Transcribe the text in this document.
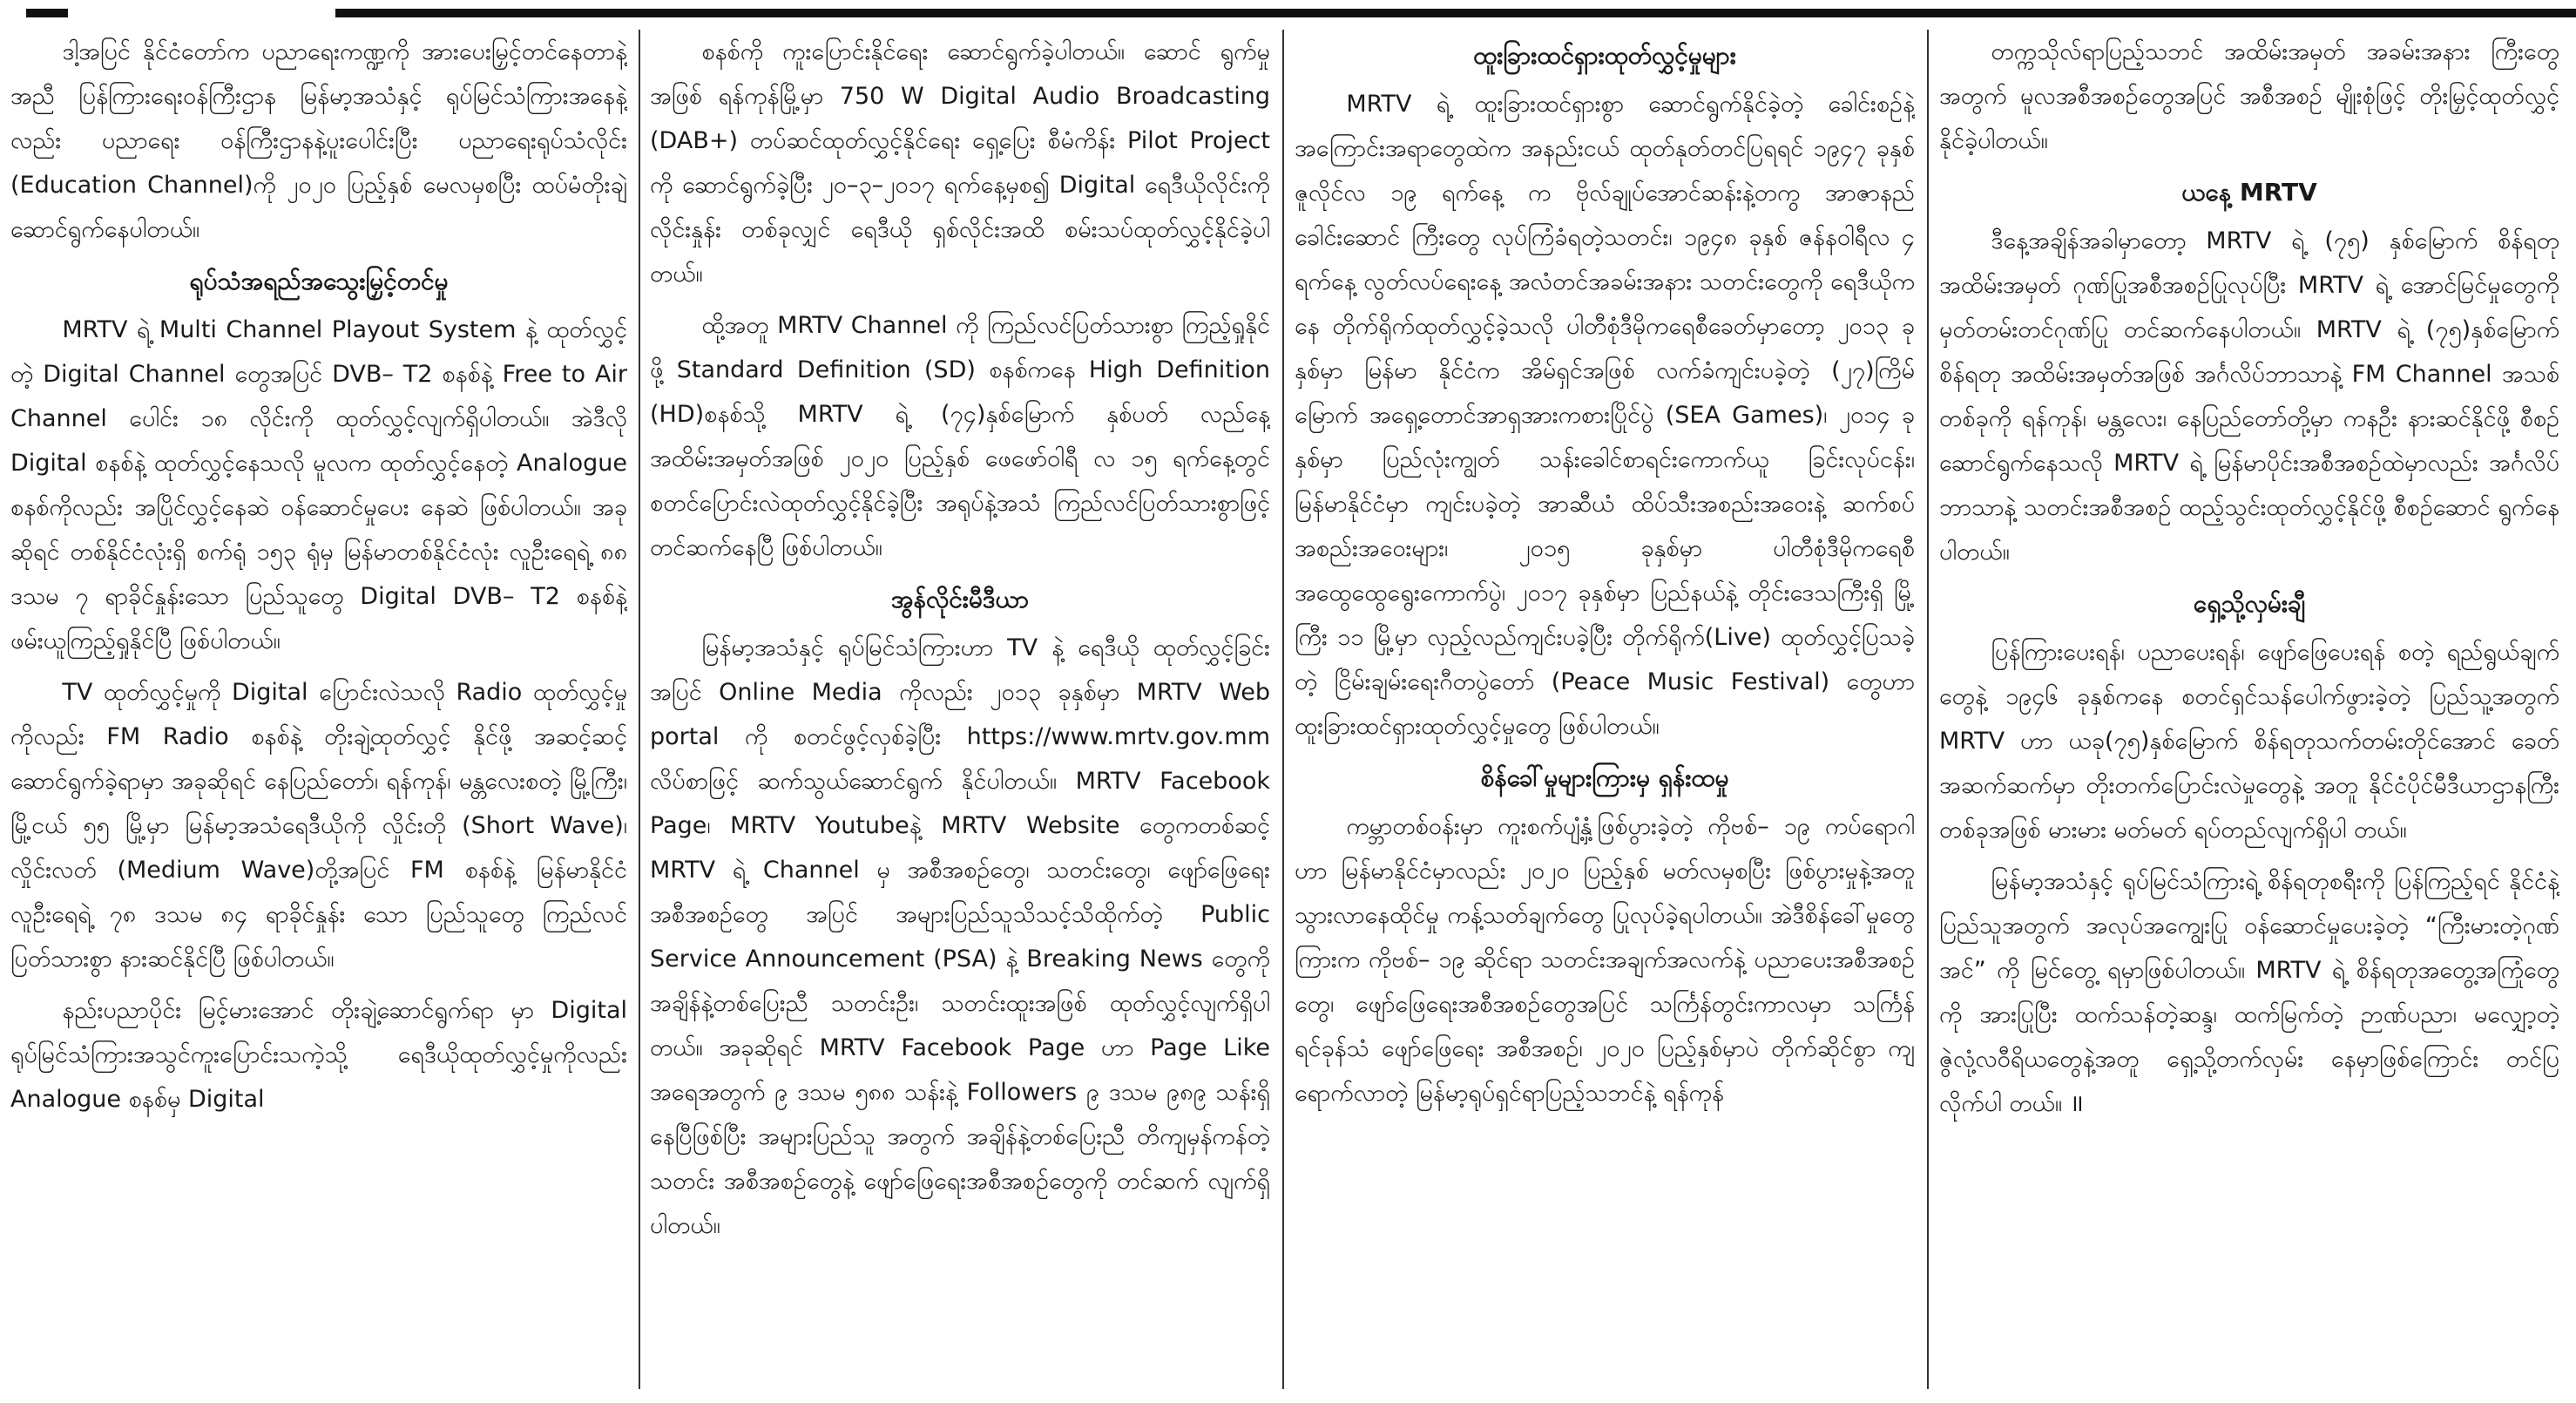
ဒါ့အပြင် နိုင်ငံတော်က ပညာရေးကဏ္ဍကို အားပေးမြှင့်တင်နေတာနဲ့အညီ ပြန်ကြားရေးဝန်ကြီးဌာန မြန်မာ့အသံနှင့် ရုပ်မြင်သံကြားအနေနဲ့လည်း ပညာရေး ဝန်ကြီးဌာနနဲ့ပူးပေါင်းပြီး ပညာရေးရုပ်သံလိုင်း (Education Channel)ကို ၂၀၂၀ ပြည့်နှစ် မေလမှစပြီး ထပ်မံတိုးချဲ့ ဆောင်ရွက်နေပါတယ်။

ရုပ်သံအရည်အသွေးမြှင့်တင်မှု

MRTV ရဲ့ Multi Channel Playout System နဲ့ ထုတ်လွှင့်တဲ့ Digital Channel တွေအပြင် DVB– T2 စနစ်နဲ့ Free to Air Channel ပေါင်း ၁၈ လိုင်းကို ထုတ်လွှင့်လျက်ရှိပါတယ်။ အဲဒီလို Digital စနစ်နဲ့ ထုတ်လွှင့်နေသလို မူလက ထုတ်လွှင့်နေတဲ့ Analogue စနစ်ကိုလည်း အပြိုင်လွှင့်နေဆဲ ဝန်ဆောင်မှုပေး နေဆဲ ဖြစ်ပါတယ်။ အခုဆိုရင် တစ်နိုင်ငံလုံးရှိ စက်ရုံ ၁၅၃ ရုံမှ မြန်မာတစ်နိုင်ငံလုံး လူဦးရေရဲ့ ၈၈ ဒသမ ၇ ရာခိုင်နှုန်းသော ပြည်သူတွေ Digital DVB– T2 စနစ်နဲ့ ဖမ်းယူကြည့်ရှုနိုင်ပြီ ဖြစ်ပါတယ်။

TV ထုတ်လွှင့်မှုကို Digital ပြောင်းလဲသလို Radio ထုတ်လွှင့်မှုကိုလည်း FM Radio စနစ်နဲ့ တိုးချဲ့ထုတ်လွှင့် နိုင်ဖို့ အဆင့်ဆင့်ဆောင်ရွက်ခဲ့ရာမှာ အခုဆိုရင် နေပြည်တော်၊ ရန်ကုန်၊ မန္တလေးစတဲ့ မြို့ကြီး၊ မြို့ငယ် ၅၅ မြို့မှာ မြန်မာ့အသံရေဒီယိုကို လှိုင်းတို (Short Wave)၊ လှိုင်းလတ် (Medium Wave)တို့အပြင် FM စနစ်နဲ့ မြန်မာနိုင်ငံလူဦးရေရဲ့ ၇၈ ဒသမ ၈၄ ရာခိုင်နှုန်း သော ပြည်သူတွေ ကြည်လင်ပြတ်သားစွာ နားဆင်နိုင်ပြီ ဖြစ်ပါတယ်။

နည်းပညာပိုင်း မြင့်မားအောင် တိုးချဲ့ဆောင်ရွက်ရာ မှာ Digital ရုပ်မြင်သံကြားအသွင်ကူးပြောင်းသကဲ့သို့ ရေဒီယိုထုတ်လွှင့်မှုကိုလည်း Analogue စနစ်မှ Digital

စနစ်ကို ကူးပြောင်းနိုင်ရေး ဆောင်ရွက်ခဲ့ပါတယ်။ ဆောင် ရွက်မှုအဖြစ် ရန်ကုန်မြို့မှာ 750 W Digital Audio Broadcasting (DAB+) တပ်ဆင်ထုတ်လွှင့်နိုင်ရေး ရှေ့ပြေး စီမံကိန်း Pilot Project ကို ဆောင်ရွက်ခဲ့ပြီး ၂၀–၃–၂၀၁၇ ရက်နေ့မှစ၍ Digital ရေဒီယိုလိုင်းကို လိုင်းနှုန်း တစ်ခုလျှင် ရေဒီယို ရှစ်လိုင်းအထိ စမ်းသပ်ထုတ်လွှင့်နိုင်ခဲ့ပါတယ်။

ထို့အတူ MRTV Channel ကို ကြည်လင်ပြတ်သားစွာ ကြည့်ရှုနိုင်ဖို့ Standard Definition (SD) စနစ်ကနေ High Definition (HD)စနစ်သို့ MRTV ရဲ့ (၇၄)နှစ်မြောက် နှစ်ပတ် လည်နေ့ အထိမ်းအမှတ်အဖြစ် ၂၀၂၀ ပြည့်နှစ် ဖေဖော်ဝါရီ လ ၁၅ ရက်နေ့တွင် စတင်ပြောင်းလဲထုတ်လွှင့်နိုင်ခဲ့ပြီး အရုပ်နဲ့အသံ ကြည်လင်ပြတ်သားစွာဖြင့် တင်ဆက်နေပြီ ဖြစ်ပါတယ်။

အွန်လိုင်းမီဒီယာ

မြန်မာ့အသံနှင့် ရုပ်မြင်သံကြားဟာ TV နဲ့ ရေဒီယို ထုတ်လွှင့်ခြင်းအပြင် Online Media ကိုလည်း ၂၀၁၃ ခုနှစ်မှာ MRTV Web portal ကို စတင်ဖွင့်လှစ်ခဲ့ပြီး https://www.mrtv.gov.mm လိပ်စာဖြင့် ဆက်သွယ်ဆောင်ရွက် နိုင်ပါတယ်။ MRTV Facebook Page၊ MRTV Youtubeနဲ့ MRTV Website တွေကတစ်ဆင့် MRTV ရဲ့ Channel မှ အစီအစဉ်တွေ၊ သတင်းတွေ၊ ဖျော်ဖြေရေး အစီအစဉ်တွေ အပြင် အများပြည်သူသိသင့်သိထိုက်တဲ့ Public Service Announcement (PSA) နဲ့ Breaking News တွေကို အချိန်နဲ့တစ်ပြေးညီ သတင်းဦး၊ သတင်းထူးအဖြစ် ထုတ်လွှင့်လျက်ရှိပါတယ်။ အခုဆိုရင် MRTV Facebook Page ဟာ Page Like အရေအတွက် ၉ ဒသမ ၅၈၈ သန်းနဲ့ Followers ၉ ဒသမ ၉၈၉ သန်းရှိနေပြီဖြစ်ပြီး အများပြည်သူ အတွက် အချိန်နဲ့တစ်ပြေးညီ တိကျမှန်ကန်တဲ့ သတင်း အစီအစဉ်တွေနဲ့ ဖျော်ဖြေရေးအစီအစဉ်တွေကို တင်ဆက် လျက်ရှိပါတယ်။

ထူးခြားထင်ရှားထုတ်လွှင့်မှုများ

MRTV ရဲ့ ထူးခြားထင်ရှားစွာ ဆောင်ရွက်နိုင်ခဲ့တဲ့ ခေါင်းစဉ်နဲ့ အကြောင်းအရာတွေထဲက အနည်းငယ် ထုတ်နုတ်တင်ပြရရင် ၁၉၄၇ ခုနှစ် ဇူလိုင်လ ၁၉ ရက်နေ့ က ဗိုလ်ချုပ်အောင်ဆန်းနဲ့တကွ အာဇာနည်ခေါင်းဆောင် ကြီးတွေ လုပ်ကြံခံရတဲ့သတင်း၊ ၁၉၄၈ ခုနှစ် ဇန်နဝါရီလ ၄ ရက်နေ့ လွတ်လပ်ရေးနေ့ အလံတင်အခမ်းအနား သတင်းတွေကို ရေဒီယိုကနေ တိုက်ရိုက်ထုတ်လွှင့်ခဲ့သလို ပါတီစုံဒီမိုကရေစီခေတ်မှာတော့ ၂၀၁၃ ခုနှစ်မှာ မြန်မာ နိုင်ငံက အိမ်ရှင်အဖြစ် လက်ခံကျင်းပခဲ့တဲ့ (၂၇)ကြိမ် မြောက် အရှေ့တောင်အာရှအားကစားပြိုင်ပွဲ (SEA Games)၊ ၂၀၁၄ ခုနှစ်မှာ ပြည်လုံးကျွတ် သန်းခေါင်စာရင်းကောက်ယူ ခြင်းလုပ်ငန်း၊ မြန်မာနိုင်ငံမှာ ကျင်းပခဲ့တဲ့ အာဆီယံ ထိပ်သီးအစည်းအဝေးနဲ့ ဆက်စပ်အစည်းအဝေးများ၊ ၂၀၁၅ ခုနှစ်မှာ ပါတီစုံဒီမိုကရေစီ အထွေထွေရွေးကောက်ပွဲ၊ ၂၀၁၇ ခုနှစ်မှာ ပြည်နယ်နဲ့ တိုင်းဒေသကြီးရှိ မြို့ကြီး ၁၁ မြို့မှာ လှည့်လည်ကျင်းပခဲ့ပြီး တိုက်ရိုက်(Live) ထုတ်လွှင့်ပြသခဲ့တဲ့ ငြိမ်းချမ်းရေးဂီတပွဲတော် (Peace Music Festival) တွေဟာ ထူးခြားထင်ရှားထုတ်လွှင့်မှုတွေ ဖြစ်ပါတယ်။

စိန်ခေါ်မှုများကြားမှ ရှန်းထမှု

ကမ္ဘာတစ်ဝန်းမှာ ကူးစက်ပျံ့နှံ့ဖြစ်ပွားခဲ့တဲ့ ကိုဗစ်– ၁၉ ကပ်ရောဂါဟာ မြန်မာနိုင်ငံမှာလည်း ၂၀၂၀ ပြည့်နှစ် မတ်လမှစပြီး ဖြစ်ပွားမှုနဲ့အတူ သွားလာနေထိုင်မှု ကန့်သတ်ချက်တွေ ပြုလုပ်ခဲ့ရပါတယ်။ အဲဒီစိန်ခေါ်မှုတွေ ကြားက ကိုဗစ်– ၁၉ ဆိုင်ရာ သတင်းအချက်အလက်နဲ့ ပညာပေးအစီအစဉ်တွေ၊ ဖျော်ဖြေရေးအစီအစဉ်တွေအပြင် သင်္ကြန်တွင်းကာလမှာ သင်္ကြန်ရင်ခုန်သံ ဖျော်ဖြေရေး အစီအစဉ်၊ ၂၀၂၀ ပြည့်နှစ်မှာပဲ တိုက်ဆိုင်စွာ ကျရောက်လာတဲ့ မြန်မာ့ရုပ်ရှင်ရာပြည့်သဘင်နဲ့ ရန်ကုန်

တက္ကသိုလ်ရာပြည့်သဘင် အထိမ်းအမှတ် အခမ်းအနား ကြီးတွေအတွက် မူလအစီအစဉ်တွေအပြင် အစီအစဉ် မျိုးစုံဖြင့် တိုးမြှင့်ထုတ်လွှင့်နိုင်ခဲ့ပါတယ်။

ယနေ့ MRTV

ဒီနေ့အချိန်အခါမှာတော့ MRTV ရဲ့ (၇၅) နှစ်မြောက် စိန်ရတုအထိမ်းအမှတ် ဂုဏ်ပြုအစီအစဉ်ပြုလုပ်ပြီး MRTV ရဲ့ အောင်မြင်မှုတွေကို မှတ်တမ်းတင်ဂုဏ်ပြု တင်ဆက်နေပါတယ်။ MRTV ရဲ့ (၇၅)နှစ်မြောက် စိန်ရတု အထိမ်းအမှတ်အဖြစ် အင်္ဂလိပ်ဘာသာနဲ့ FM Channel အသစ်တစ်ခုကို ရန်ကုန်၊ မန္တလေး၊ နေပြည်တော်တို့မှာ ကနဦး နားဆင်နိုင်ဖို့ စီစဉ်ဆောင်ရွက်နေသလို MRTV ရဲ့ မြန်မာပိုင်းအစီအစဉ်ထဲမှာလည်း အင်္ဂလိပ်ဘာသာနဲ့ သတင်းအစီအစဉ် ထည့်သွင်းထုတ်လွှင့်နိုင်ဖို့ စီစဉ်ဆောင် ရွက်နေပါတယ်။

ရှေ့သို့လှမ်းချီ

ပြန်ကြားပေးရန်၊ ပညာပေးရန်၊ ဖျော်ဖြေပေးရန် စတဲ့ ရည်ရွယ်ချက်တွေနဲ့ ၁၉၄၆ ခုနှစ်ကနေ စတင်ရှင်သန်ပေါက်ဖွားခဲ့တဲ့ ပြည်သူ့အတွက် MRTV ဟာ ယခု(၇၅)နှစ်မြောက် စိန်ရတုသက်တမ်းတိုင်အောင် ခေတ်အဆက်ဆက်မှာ တိုးတက်ပြောင်းလဲမှုတွေနဲ့ အတူ နိုင်ငံပိုင်မီဒီယာဌာနကြီးတစ်ခုအဖြစ် မားမား မတ်မတ် ရပ်တည်လျက်ရှိပါ တယ်။

မြန်မာ့အသံနှင့် ရုပ်မြင်သံကြားရဲ့ စိန်ရတုစရီးကို ပြန်ကြည့်ရင် နိုင်ငံနဲ့ပြည်သူအတွက် အလုပ်အကျွေးပြု ဝန်ဆောင်မှုပေးခဲ့တဲ့ “ကြီးမားတဲ့ဂုဏ်အင်” ကို မြင်တွေ့ ရမှာဖြစ်ပါတယ်။ MRTV ရဲ့ စိန်ရတုအတွေ့အကြုံတွေကို အားပြုပြီး ထက်သန်တဲ့ဆန္ဒ၊ ထက်မြက်တဲ့ ဉာဏ်ပညာ၊ မလျှော့တဲ့ ဇွဲလုံ့လဝီရိယတွေနဲ့အတူ ရှေ့သို့တက်လှမ်း နေမှာဖြစ်ကြောင်း တင်ပြလိုက်ပါ တယ်။ ॥
